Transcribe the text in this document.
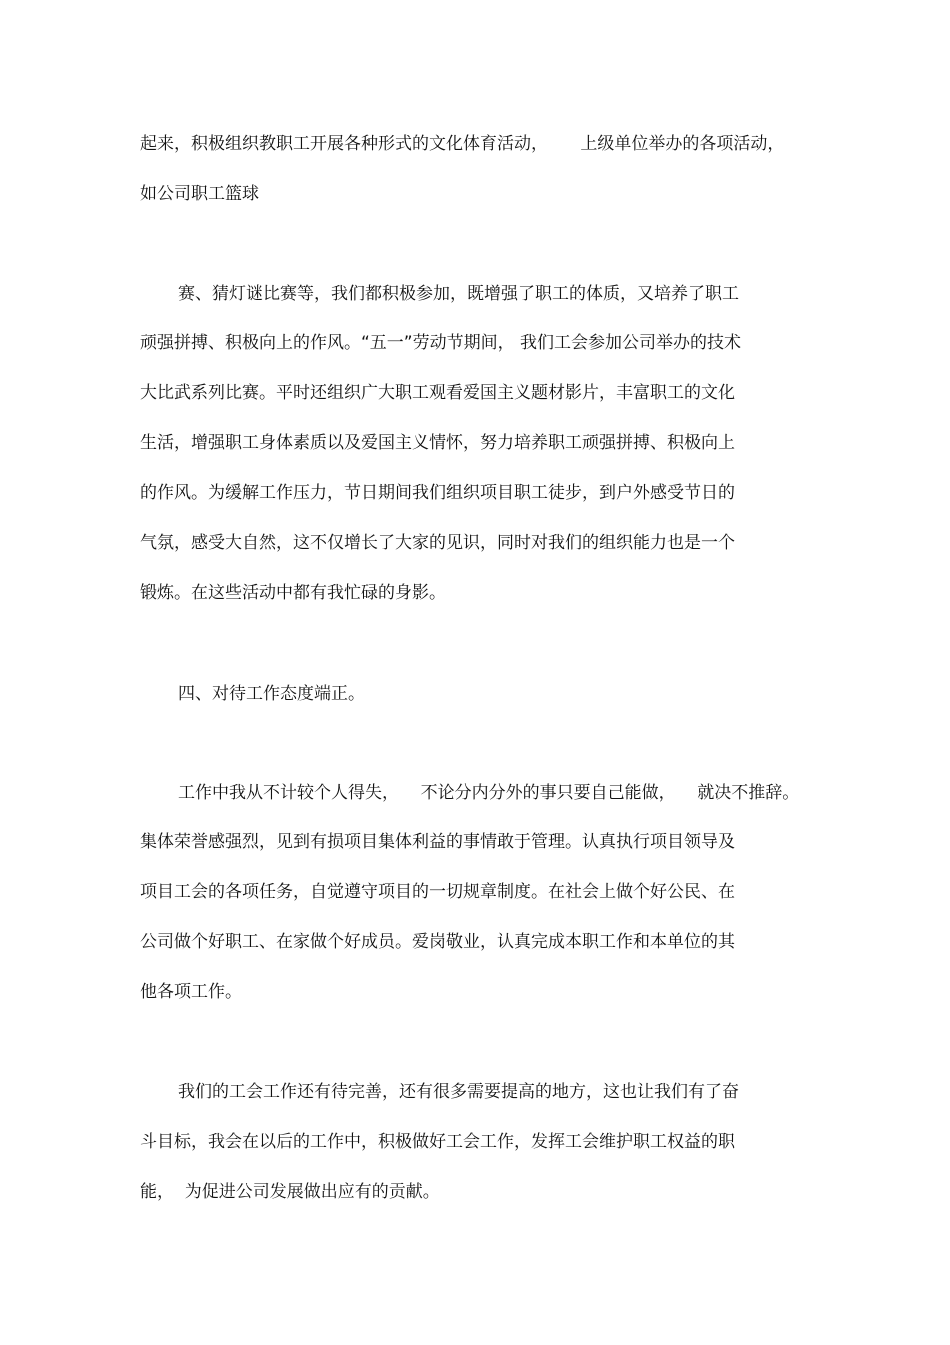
起来，积极组织教职工开展各种形式的文化体育活动，      上级单位举办的各项活动，
如公司职工篮球
赛、猜灯谜比赛等，我们都积极参加，既增强了职工的体质，又培养了职工
顽强拼搏、积极向上的作风。“五一”劳动节期间， 我们工会参加公司举办的技术
大比武系列比赛。平时还组织广大职工观看爱国主义题材影片，丰富职工的文化
生活，增强职工身体素质以及爱国主义情怀，努力培养职工顽强拼搏、积极向上
的作风。为缓解工作压力，节日期间我们组织项目职工徒步，到户外感受节日的
气氛，感受大自然，这不仅增长了大家的见识，同时对我们的组织能力也是一个
锻炼。在这些活动中都有我忙碌的身影。
四、对待工作态度端正。
工作中我从不计较个人得失，    不论分内分外的事只要自己能做，    就决不推辞。
集体荣誉感强烈，见到有损项目集体利益的事情敢于管理。认真执行项目领导及
项目工会的各项任务，自觉遵守项目的一切规章制度。在社会上做个好公民、在
公司做个好职工、在家做个好成员。爱岗敬业，认真完成本职工作和本单位的其
他各项工作。
我们的工会工作还有待完善，还有很多需要提高的地方，这也让我们有了奋
斗目标，我会在以后的工作中，积极做好工会工作，发挥工会维护职工权益的职
能，  为促进公司发展做出应有的贡献。
